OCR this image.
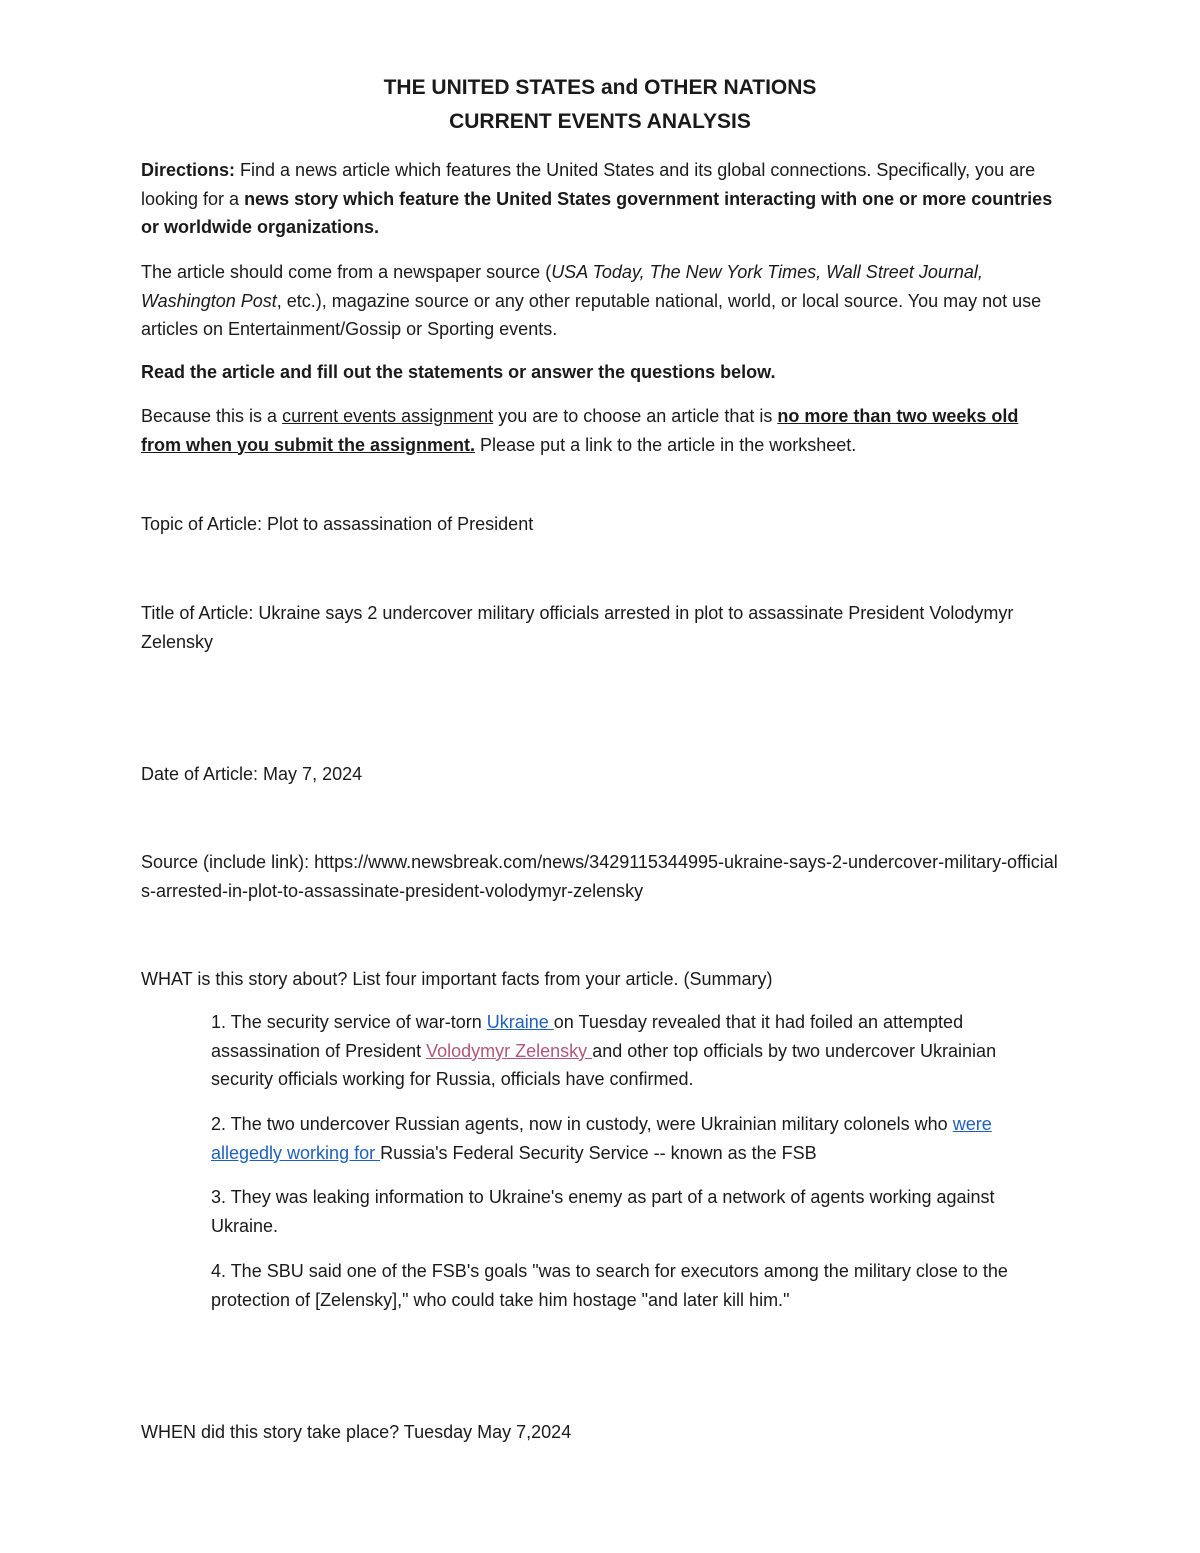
THE UNITED STATES and OTHER NATIONS
CURRENT EVENTS ANALYSIS
Directions: Find a news article which features the United States and its global connections. Specifically, you are looking for a news story which feature the United States government interacting with one or more countries or worldwide organizations.
The article should come from a newspaper source (USA Today, The New York Times, Wall Street Journal, Washington Post, etc.), magazine source or any other reputable national, world, or local source. You may not use articles on Entertainment/Gossip or Sporting events.
Read the article and fill out the statements or answer the questions below.
Because this is a current events assignment you are to choose an article that is no more than two weeks old from when you submit the assignment. Please put a link to the article in the worksheet.
Topic of Article: Plot to assassination of President
Title of Article: Ukraine says 2 undercover military officials arrested in plot to assassinate President Volodymyr Zelensky
Date of Article: May 7, 2024
Source (include link): https://www.newsbreak.com/news/3429115344995-ukraine-says-2-undercover-military-officials-arrested-in-plot-to-assassinate-president-volodymyr-zelensky
WHAT is this story about? List four important facts from your article. (Summary)
1. The security service of war-torn Ukraine on Tuesday revealed that it had foiled an attempted assassination of President Volodymyr Zelensky and other top officials by two undercover Ukrainian security officials working for Russia, officials have confirmed.
2. The two undercover Russian agents, now in custody, were Ukrainian military colonels who were allegedly working for Russia's Federal Security Service -- known as the FSB
3. They was leaking information to Ukraine's enemy as part of a network of agents working against Ukraine.
4. The SBU said one of the FSB's goals "was to search for executors among the military close to the protection of [Zelensky]," who could take him hostage "and later kill him."
WHEN did this story take place? Tuesday May 7,2024
